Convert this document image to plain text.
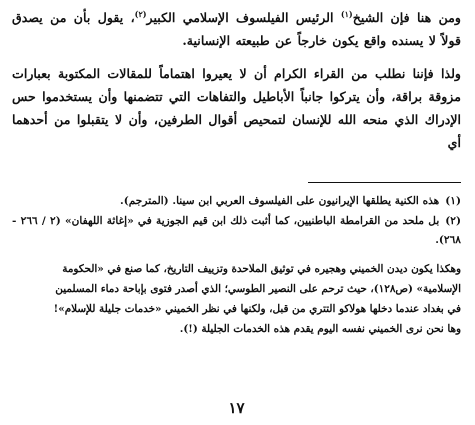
ومن هنا فإن الشيخ$^{(١)}$ الرئيس الفيلسوف الإسلامي الكبير$^{(٢)}$، يقول بأن من يصدق قولاً لا يسنده واقع يكون خارجاً عن طبيعته الإنسانية.

ولذا فإننا نطلب من القراء الكرام أن لا يعيروا اهتماماً للمقالات المكتوبة بعبارات مزوقة براقة، وأن يتركوا جانباً الأباطيل والتفاهات التي تتضمنها وأن يستخدموا حس الإدراك الذي منحه الله للإنسان لتمحيص أقوال الطرفين، وأن لا يتقبلوا من أحدهما أي

(١)هذه الكنية يطلقها الإيرانيون على الفيلسوف العربي ابن سينا. (المترجم).

(٢)بل ملحد من القرامطة الباطنيين، كما أثبت ذلك ابن قيم الجوزية في «إغاثة اللهفان» (٢ / ٢٦٦ - ٢٦٨).

وهكذا يكون ديدن الخميني وهجيره في توثيق الملاحدة وتزييف التاريخ، كما صنع في «الحكومة

الإسلامية» (ص١٢٨)، حيث ترحم على النصير الطوسي؛ الذي أصدر فتوى بإباحة دماء المسلمين

في بغداد عندما دخلها هولاكو التتري من قبل، ولكنها في نظر الخميني «خدمات جليلة للإسلام»!

وها نحن نرى الخميني نفسه اليوم يقدم هذه الخدمات الجليلة (!).

١٧
